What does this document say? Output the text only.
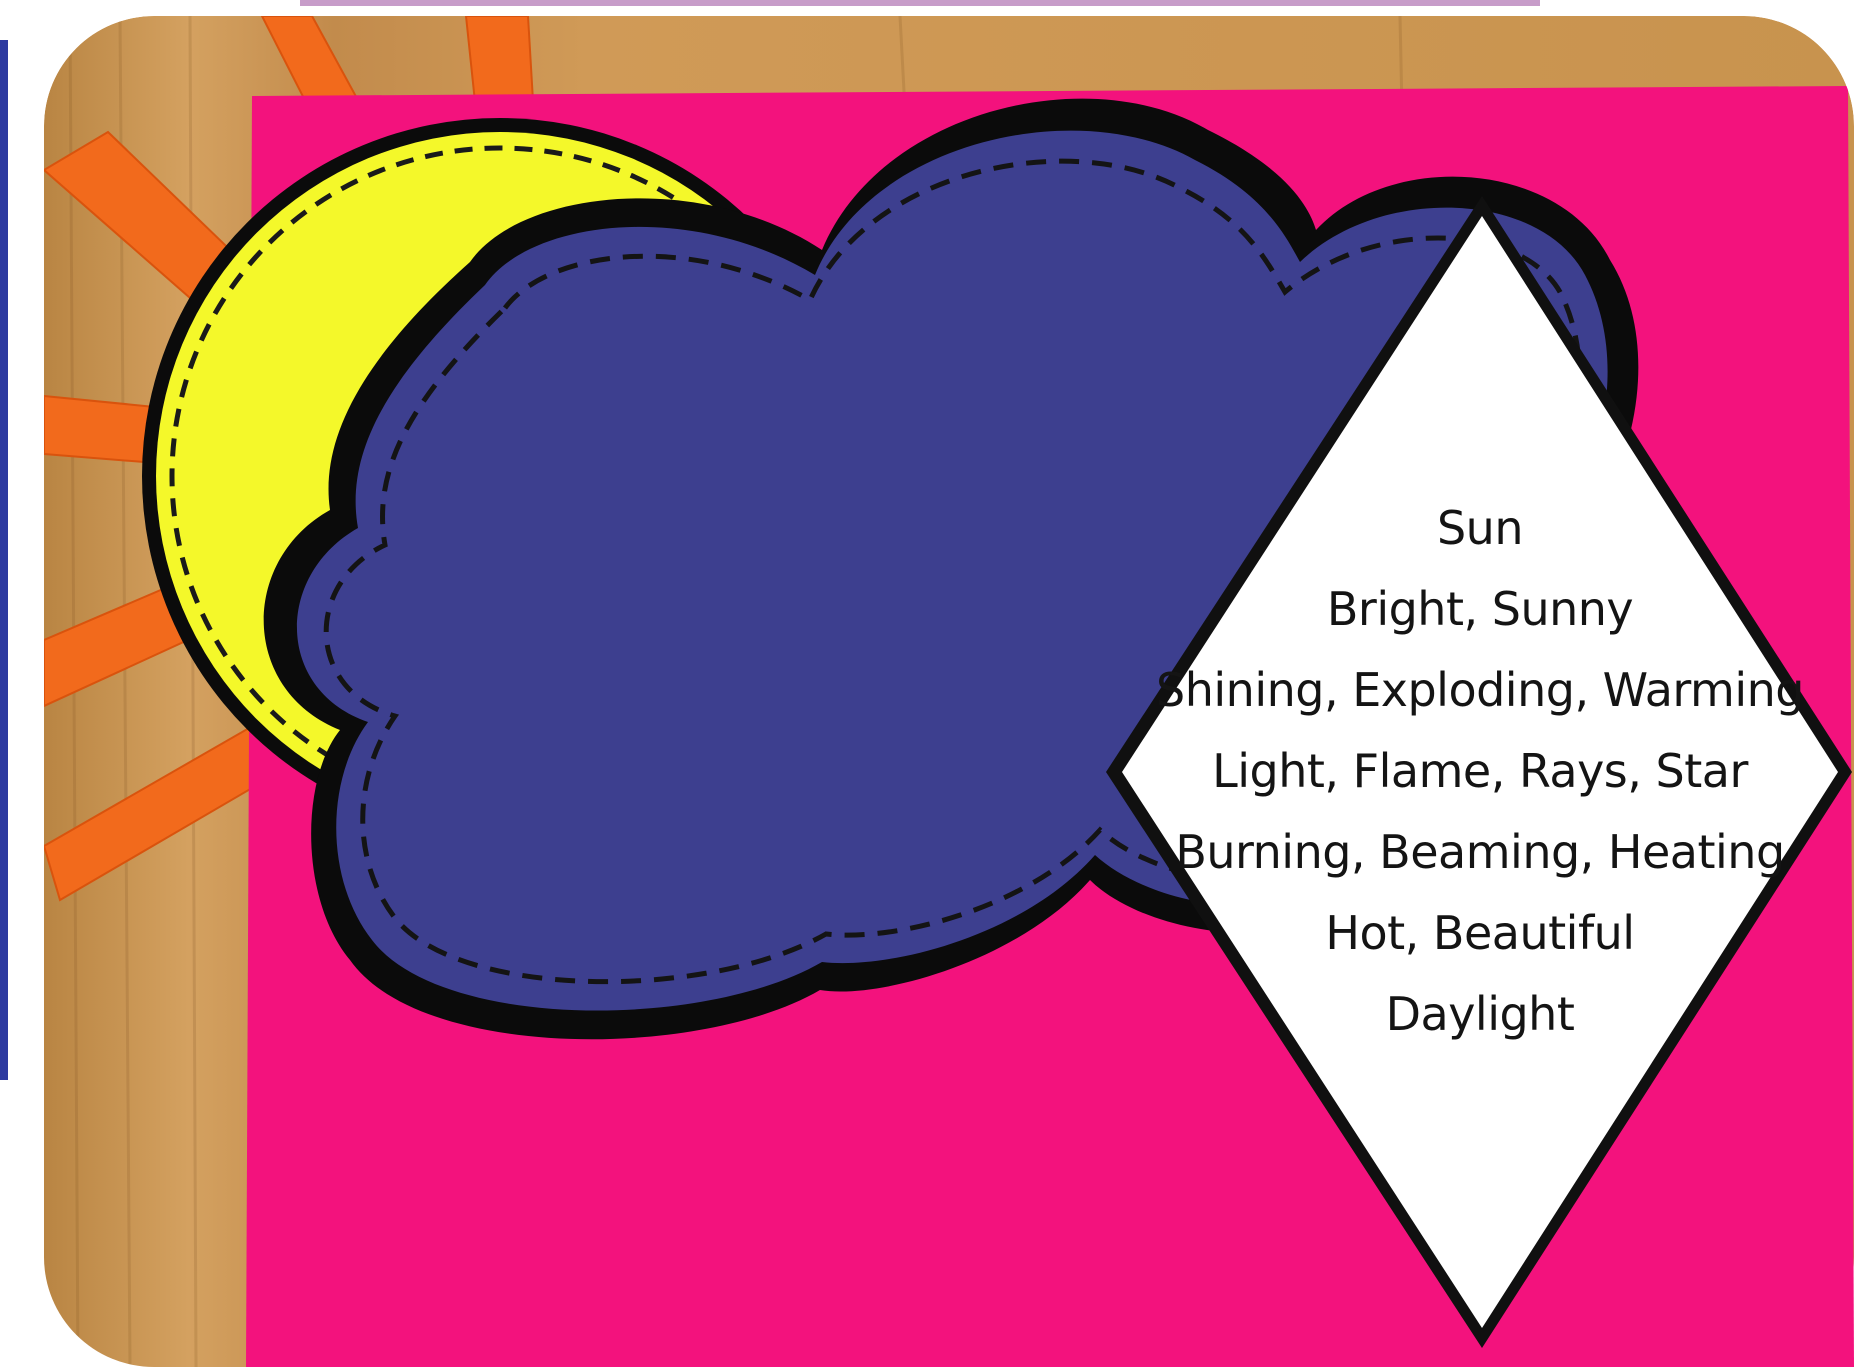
Sun
Bright, Sunny
Shining, Exploding, Warming
Light, Flame, Rays, Star
Burning, Beaming, Heating
Hot, Beautiful
Daylight
